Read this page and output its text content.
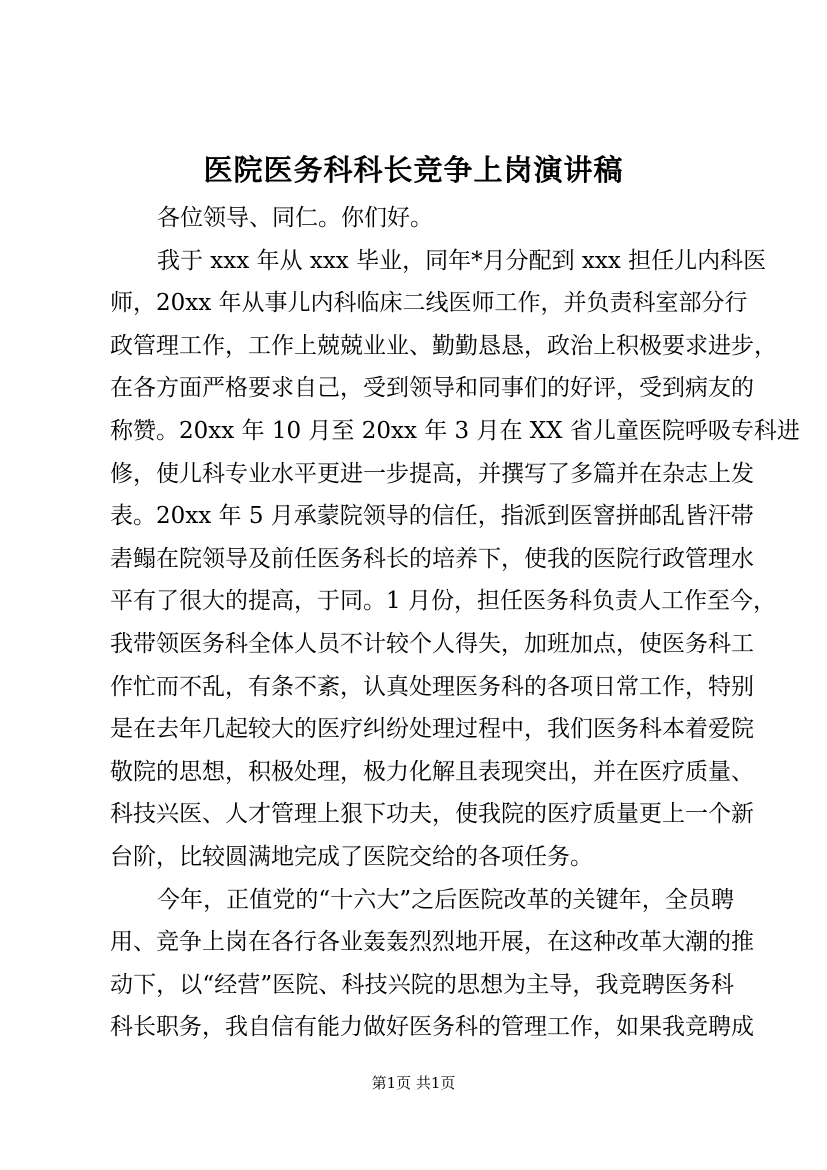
医院医务科科长竞争上岗演讲稿
各位领导、同仁。你们好。
我于 xxx 年从 xxx 毕业，同年*月分配到 xxx 担任儿内科医
师，20xx 年从事儿内科临床二线医师工作，并负责科室部分行
政管理工作，工作上兢兢业业、勤勤恳恳，政治上积极要求进步，
在各方面严格要求自己，受到领导和同事们的好评，受到病友的
称赞。20xx 年 10 月至 20xx 年 3 月在 XX 省儿童医院呼吸专科进
修，使儿科专业水平更进一步提高，并撰写了多篇并在杂志上发
表。20xx 年 5 月承蒙院领导的信任，指派到医窨拼邮乱皆汗帯
砉鳎在院领导及前任医务科长的培养下，使我的医院行政管理水
平有了很大的提高，于同。1 月份，担任医务科负责人工作至今，
我带领医务科全体人员不计较个人得失，加班加点，使医务科工
作忙而不乱，有条不紊，认真处理医务科的各项日常工作，特别
是在去年几起较大的医疗纠纷处理过程中，我们医务科本着爱院
敬院的思想，积极处理，极力化解且表现突出，并在医疗质量、
科技兴医、人才管理上狠下功夫，使我院的医疗质量更上一个新
台阶，比较圆满地完成了医院交给的各项任务。
今年，正值党的“十六大”之后医院改革的关键年，全员聘
用、竞争上岗在各行各业轰轰烈烈地开展，在这种改革大潮的推
动下，以“经营”医院、科技兴院的思想为主导，我竞聘医务科
科长职务，我自信有能力做好医务科的管理工作，如果我竞聘成
第1页 共1页
